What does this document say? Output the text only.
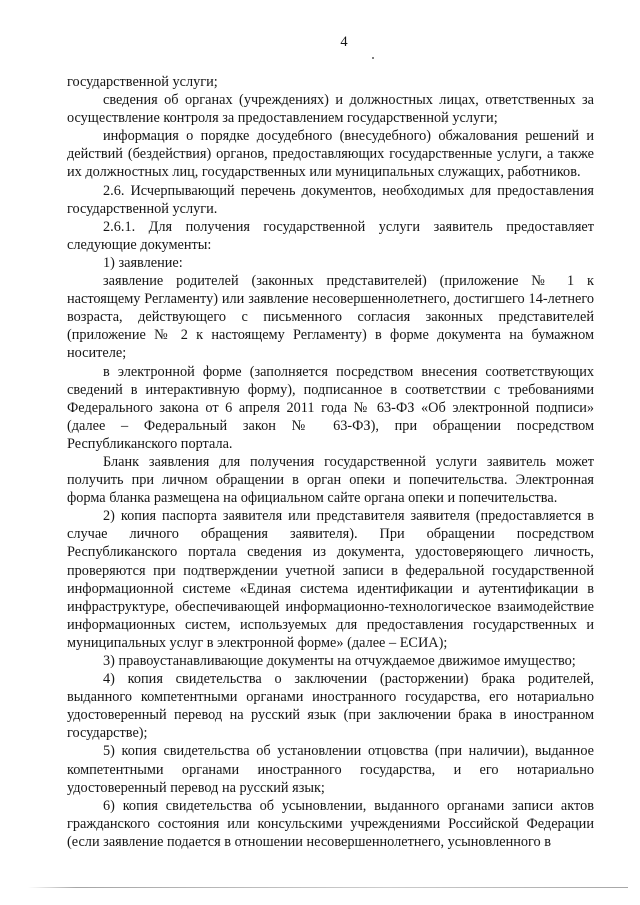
4

государственной услуги;

сведения об органах (учреждениях) и должностных лицах, ответственных за осуществление контроля за предоставлением государственной услуги;

информация о порядке досудебного (внесудебного) обжалования решений и действий (бездействия) органов, предоставляющих государственные услуги, а также их должностных лиц, государственных или муниципальных служащих, работников.

2.6. Исчерпывающий перечень документов, необходимых для предоставления государственной услуги.

2.6.1. Для получения государственной услуги заявитель предоставляет следующие документы:

1) заявление:

заявление родителей (законных представителей) (приложение № 1 к настоящему Регламенту) или заявление несовершеннолетнего, достигшего 14-летнего возраста, действующего с письменного согласия законных представителей (приложение № 2 к настоящему Регламенту) в форме документа на бумажном носителе;

в электронной форме (заполняется посредством внесения соответствующих сведений в интерактивную форму), подписанное в соответствии с требованиями Федерального закона от 6 апреля 2011 года № 63-ФЗ «Об электронной подписи» (далее – Федеральный закон № 63-ФЗ), при обращении посредством Республиканского портала.

Бланк заявления для получения государственной услуги заявитель может получить при личном обращении в орган опеки и попечительства. Электронная форма бланка размещена на официальном сайте органа опеки и попечительства.

2) копия паспорта заявителя или представителя заявителя (предоставляется в случае личного обращения заявителя). При обращении посредством Республиканского портала сведения из документа, удостоверяющего личность, проверяются при подтверждении учетной записи в федеральной государственной информационной системе «Единая система идентификации и аутентификации в инфраструктуре, обеспечивающей информационно-технологическое взаимодействие информационных систем, используемых для предоставления государственных и муниципальных услуг в электронной форме» (далее – ЕСИА);

3) правоустанавливающие документы на отчуждаемое движимое имущество;

4) копия свидетельства о заключении (расторжении) брака родителей, выданного компетентными органами иностранного государства, его нотариально удостоверенный перевод на русский язык (при заключении брака в иностранном государстве);

5) копия свидетельства об установлении отцовства (при наличии), выданное компетентными органами иностранного государства, и его нотариально удостоверенный перевод на русский язык;

6) копия свидетельства об усыновлении, выданного органами записи актов гражданского состояния или консульскими учреждениями Российской Федерации (если заявление подается в отношении несовершеннолетнего, усыновленного в
